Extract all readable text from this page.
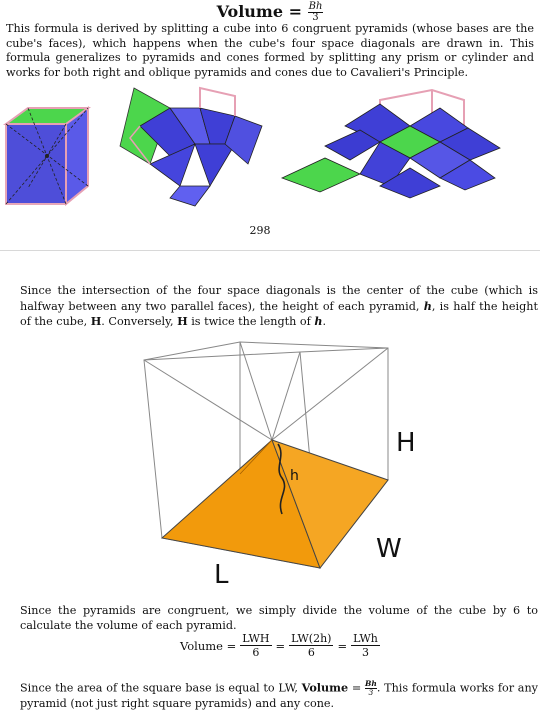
Volume = $\frac{Bh}{3}$
This formula is derived by splitting a cube into 6 congruent pyramids (whose bases are the cube's faces), which happens when the cube's four space diagonals are drawn in. This formula generalizes to pyramids and cones formed by splitting any prism or cylinder and works for both right and oblique pyramids and cones due to Cavalieri's Principle.
298
Since the intersection of the four space diagonals is the center of the cube (which is halfway between any two parallel faces), the height of each pyramid, h, is half the height of the cube, H. Conversely, H is twice the length of h.
h
H
W
L
Since the pyramids are congruent, we simply divide the volume of the cube by 6 to calculate the volume of each pyramid.
Volume = LWH
$6 = \frac{LW(2h)}{6}$ = LWh
3
Since the area of the square base is equal to LW, Volume = $\frac{Bh}{3}$ . This formula works for any pyramid (not just right square pyramids) and any cone.
